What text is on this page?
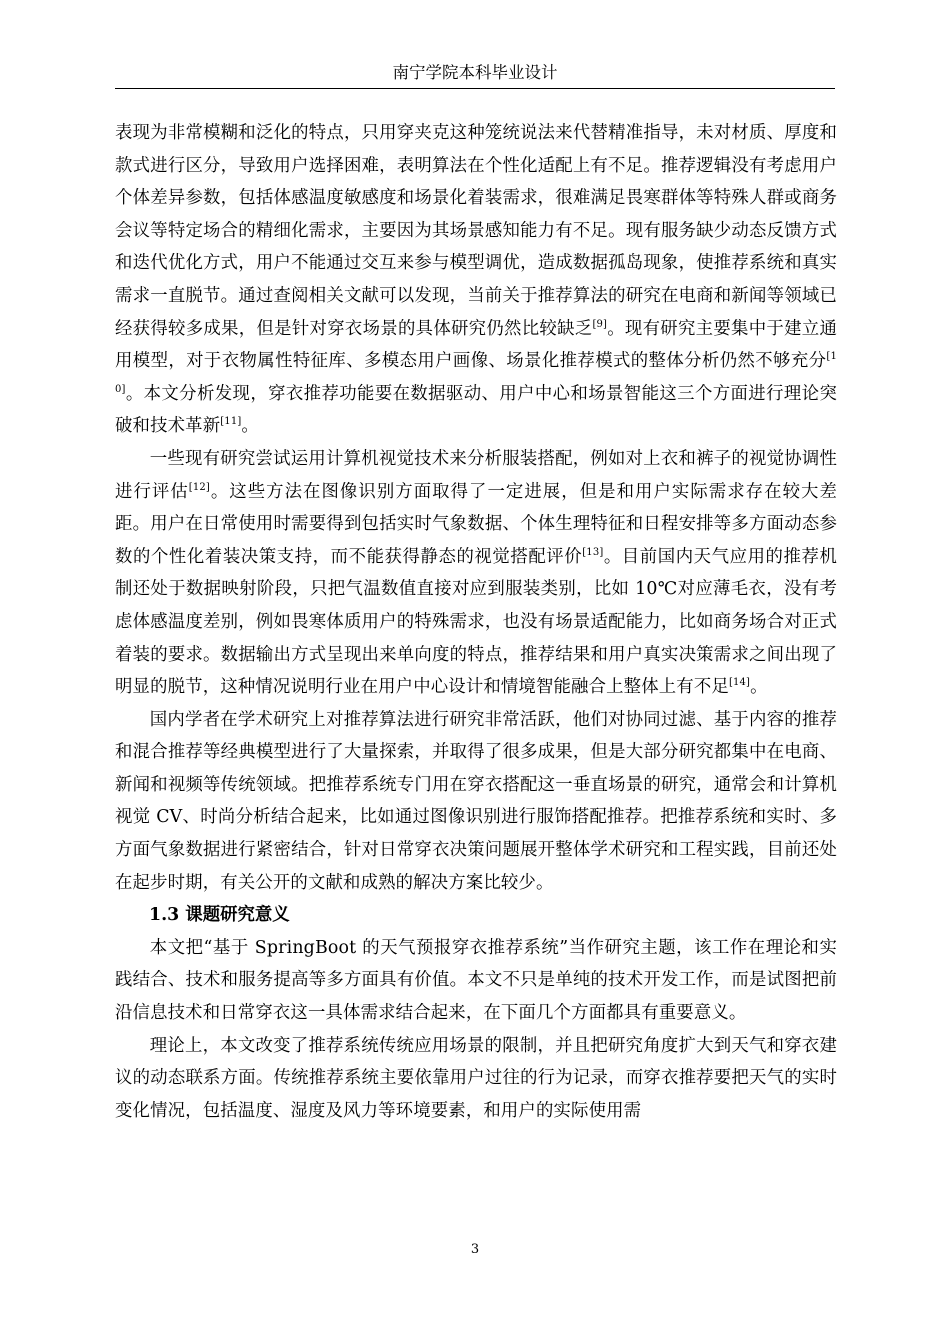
南宁学院本科毕业设计

表现为非常模糊和泛化的特点，只用穿夹克这种笼统说法来代替精准指导，未对材质、厚度和款式进行区分，导致用户选择困难，表明算法在个性化适配上有不足。推荐逻辑没有考虑用户个体差异参数，包括体感温度敏感度和场景化着装需求，很难满足畏寒群体等特殊人群或商务会议等特定场合的精细化需求，主要因为其场景感知能力有不足。现有服务缺少动态反馈方式和迭代优化方式，用户不能通过交互来参与模型调优，造成数据孤岛现象，使推荐系统和真实需求一直脱节。通过查阅相关文献可以发现，当前关于推荐算法的研究在电商和新闻等领域已经获得较多成果，但是针对穿衣场景的具体研究仍然比较缺乏[9]。现有研究主要集中于建立通用模型，对于衣物属性特征库、多模态用户画像、场景化推荐模式的整体分析仍然不够充分[10]。本文分析发现，穿衣推荐功能要在数据驱动、用户中心和场景智能这三个方面进行理论突破和技术革新[11]。

一些现有研究尝试运用计算机视觉技术来分析服装搭配，例如对上衣和裤子的视觉协调性进行评估[12]。这些方法在图像识别方面取得了一定进展，但是和用户实际需求存在较大差距。用户在日常使用时需要得到包括实时气象数据、个体生理特征和日程安排等多方面动态参数的个性化着装决策支持，而不能获得静态的视觉搭配评价[13]。目前国内天气应用的推荐机制还处于数据映射阶段，只把气温数值直接对应到服装类别，比如 10℃对应薄毛衣，没有考虑体感温度差别，例如畏寒体质用户的特殊需求，也没有场景适配能力，比如商务场合对正式着装的要求。数据输出方式呈现出来单向度的特点，推荐结果和用户真实决策需求之间出现了明显的脱节，这种情况说明行业在用户中心设计和情境智能融合上整体上有不足[14]。

国内学者在学术研究上对推荐算法进行研究非常活跃，他们对协同过滤、基于内容的推荐和混合推荐等经典模型进行了大量探索，并取得了很多成果，但是大部分研究都集中在电商、新闻和视频等传统领域。把推荐系统专门用在穿衣搭配这一垂直场景的研究，通常会和计算机视觉 CV、时尚分析结合起来，比如通过图像识别进行服饰搭配推荐。把推荐系统和实时、多方面气象数据进行紧密结合，针对日常穿衣决策问题展开整体学术研究和工程实践，目前还处在起步时期，有关公开的文献和成熟的解决方案比较少。

1.3 课题研究意义

本文把“基于 SpringBoot 的天气预报穿衣推荐系统”当作研究主题，该工作在理论和实践结合、技术和服务提高等多方面具有价值。本文不只是单纯的技术开发工作，而是试图把前沿信息技术和日常穿衣这一具体需求结合起来，在下面几个方面都具有重要意义。

理论上，本文改变了推荐系统传统应用场景的限制，并且把研究角度扩大到天气和穿衣建议的动态联系方面。传统推荐系统主要依靠用户过往的行为记录，而穿衣推荐要把天气的实时变化情况，包括温度、湿度及风力等环境要素，和用户的实际使用需

3
